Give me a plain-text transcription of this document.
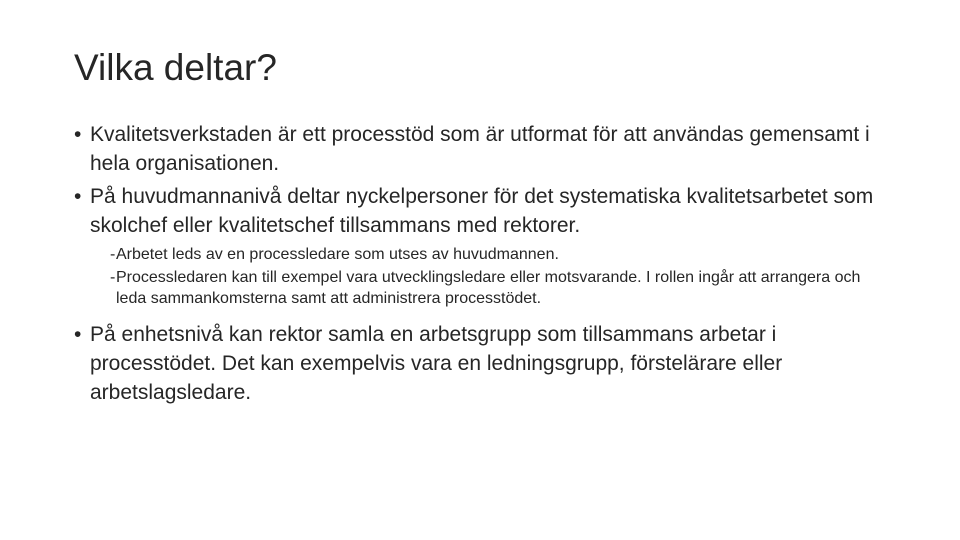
Vilka deltar?
• Kvalitetsverkstaden är ett processtöd som är utformat för att användas gemensamt i hela organisationen.
• På huvudmannanivå deltar nyckelpersoner för det systematiska kvalitetsarbetet som skolchef eller kvalitetschef tillsammans med rektorer.
- Arbetet leds av en processledare som utses av huvudmannen.
- Processledaren kan till exempel vara utvecklingsledare eller motsvarande. I rollen ingår att arrangera och leda sammankomsterna samt att administrera processtödet.
• På enhetsnivå kan rektor samla en arbetsgrupp som tillsammans arbetar i processtödet. Det kan exempelvis vara en ledningsgrupp, förstelärare eller arbetslagsledare.
